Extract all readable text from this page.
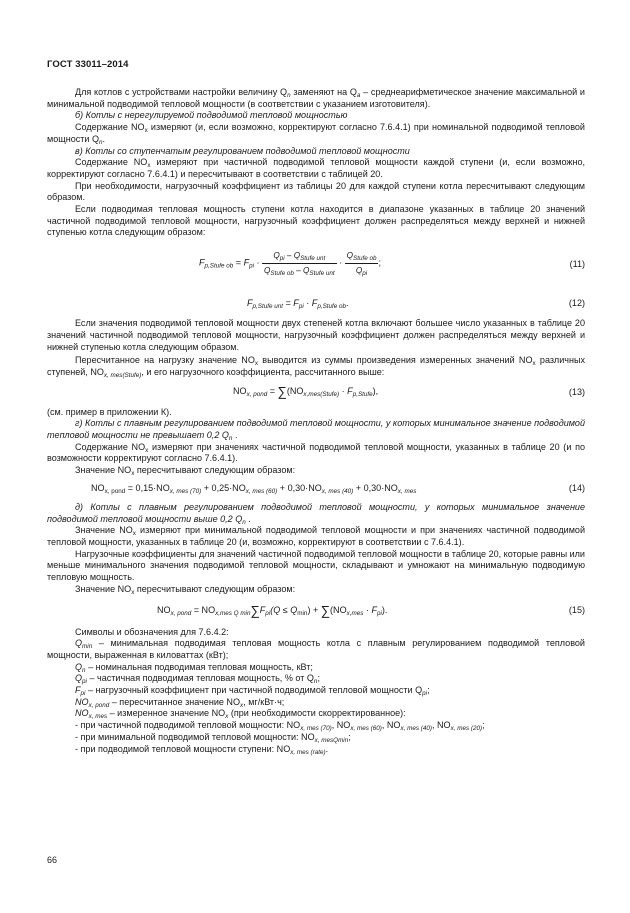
ГОСТ 33011–2014

Для котлов с устройствами настройки величину $Q_n$ заменяют на $Q_a$ – среднеарифметическое значение максимальной и минимальной подводимой тепловой мощности (в соответствии с указанием изготовителя).

б) Котлы с нерегулируемой подводимой тепловой мощностью

Содержание $NO_x$ измеряют (и, если возможно, корректируют согласно 7.6.4.1) при номинальной подводимой тепловой мощности $Q_n$.

в) Котлы со ступенчатым регулированием подводимой тепловой мощности

Содержание $NO_x$ измеряют при частичной подводимой тепловой мощности каждой ступени (и, если возможно, корректируют согласно 7.6.4.1) и пересчитывают в соответствии с таблицей 20.

При необходимости, нагрузочный коэффициент из таблицы 20 для каждой ступени котла пересчитывают следующим образом.

Если подводимая тепловая мощность ступени котла находится в диапазоне указанных в таблице 20 значений частичной подводимой тепловой мощности, нагрузочный коэффициент должен распределяться между верхней и нижней ступенью котла следующим образом:

$F_{p,Stufe ob} = F_{pi} \cdot \frac{Q_{pi} - Q_{Stufe unt}}{Q_{Stufe ob} - Q_{Stufe unt}} \cdot \frac{Q_{Stufe ob}}{Q_{pi}}$ ;	(11)
$F_{p,Stufe unt} = F_{pi} \cdot F_{p,Stufe ob}$.	(12)

Если значения подводимой тепловой мощности двух степеней котла включают большее число указанных в таблице 20 значений частичной подводимой тепловой мощности, нагрузочный коэффициент должен распределяться между верхней и нижней ступенью котла следующим образом.

Пересчитанное на нагрузку значение $NO_x$ выводится из суммы произведения измеренных значений $NO_x$ различных ступеней, $NO_{x, mes(Stufe)}$, и его нагрузочного коэффициента, рассчитанного выше:

$NO_{x, pond} = \sum(NO_{x,mes(Stufe)} \cdot F_{p,Stufe})$,	(13)

(см. пример в приложении К).

г) Котлы с плавным регулированием подводимой тепловой мощности, у которых минимальное значение подводимой тепловой мощности не превышает 0,2 $Q_n$ .

Содержание $NO_x$ измеряют при значениях частичной подводимой тепловой мощности, указанных в таблице 20 (и по возможности корректируют согласно 7.6.4.1).

Значение $NO_x$ пересчитывают следующим образом:

$NO_{x, pond} = 0,15\cdot NO_{x, mes (70)} + 0,25\cdot NO_{x, mes (60)} + 0,30\cdot NO_{x, mes (40)} + 0,30\cdot NO_{x, mes}$	(14)

д) Котлы с плавным регулированием подводимой тепловой мощности, у которых минимальное значение подводимой тепловой мощности выше 0,2 $Q_n$ .

Значение $NO_x$ измеряют при минимальной подводимой тепловой мощности и при значениях частичной подводимой тепловой мощности, указанных в таблице 20 (и, возможно, корректируют в соответствии с 7.6.4.1).

Нагрузочные коэффициенты для значений частичной подводимой тепловой мощности в таблице 20, которые равны или меньше минимального значения подводимой тепловой мощности, складывают и умножают на минимальную подводимую тепловую мощность.

Значение $NO_x$ пересчитывают следующим образом:

$NO_{x, pond} = NO_{x,mes Q min}\sum F_{pi}(Q \le Q_{min}) + \sum(NO_{x,mes} \cdot F_{pi})$.	(15)

Символы и обозначения для 7.6.4.2:

$Q_{min}$ – минимальная подводимая тепловая мощность котла с плавным регулированием подводимой тепловой мощности, выраженная в киловаттах (кВт);

$Q_n$ – номинальная подводимая тепловая мощность, кВт;

$Q_{pi}$ – частичная подводимая тепловая мощность, % от $Q_n$;

$F_{pi}$ – нагрузочный коэффициент при частичной подводимой тепловой мощности $Q_{pi}$;

$NO_{x, pond}$ – пересчитанное значение $NO_x$, мг/кВт·ч;

$NO_{x, mes}$ – измеренное значение $NO_x$ (при необходимости скорректированное):

- при частичной подводимой тепловой мощности: $NO_{x, mes (70)}$, $NO_{x, mes (60)}$, $NO_{x, mes (40)}$, $NO_{x, mes (20)}$;

- при минимальной подводимой тепловой мощности: $NO_{x, mesQmin}$;

- при подводимой тепловой мощности ступени: $NO_{x, mes (rate)}$.

66
